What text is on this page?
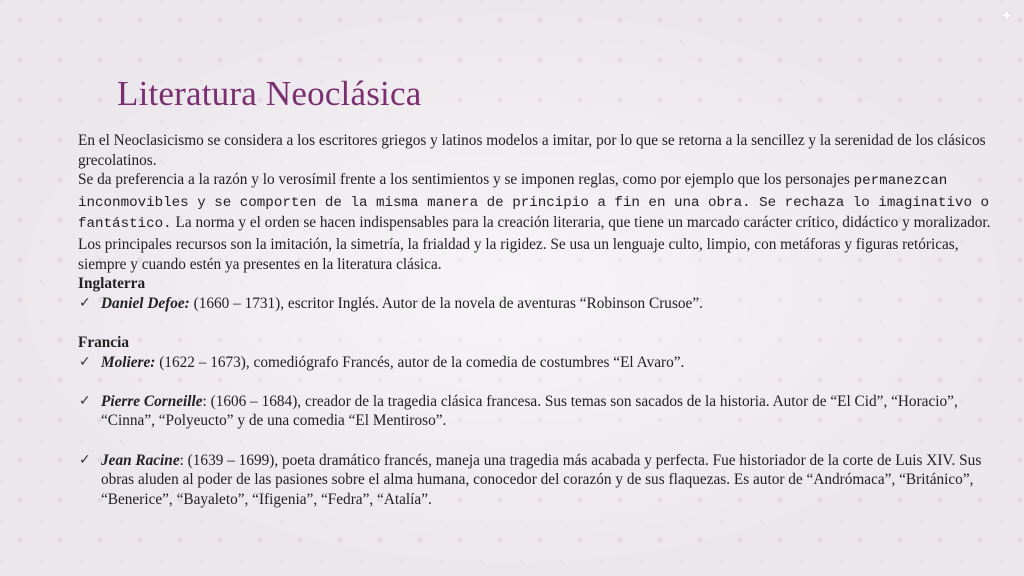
✦
Literatura Neoclásica

En el Neoclasicismo se considera a los escritores griegos y latinos modelos a imitar, por lo que se retorna a la sencillez y la serenidad de los clásicos grecolatinos.

Se da preferencia a la razón y lo verosímil frente a los sentimientos y se imponen reglas, como por ejemplo que los personajes permanezcan inconmovibles y se comporten de la misma manera de principio a fin en una obra. Se rechaza lo imaginativo o fantástico. La norma y el orden se hacen indispensables para la creación literaria, que tiene un marcado carácter crítico, didáctico y moralizador. Los principales recursos son la imitación, la simetría, la frialdad y la rigidez. Se usa un lenguaje culto, limpio, con metáforas y figuras retóricas, siempre y cuando estén ya presentes en la literatura clásica.

Inglaterra

✓ Daniel Defoe: (1660 – 1731), escritor Inglés. Autor de la novela de aventuras “Robinson Crusoe”.

Francia

✓ Moliere: (1622 – 1673), comediógrafo Francés, autor de la comedia de costumbres “El Avaro”.

✓ Pierre Corneille: (1606 – 1684), creador de la tragedia clásica francesa. Sus temas son sacados de la historia. Autor de “El Cid”, “Horacio”, “Cinna”, “Polyeucto” y de una comedia “El Mentiroso”.

✓ Jean Racine: (1639 – 1699), poeta dramático francés, maneja una tragedia más acabada y perfecta. Fue historiador de la corte de Luis XIV. Sus obras aluden al poder de las pasiones sobre el alma humana, conocedor del corazón y de sus flaquezas. Es autor de “Andrómaca”, “Británico”, “Benerice”, “Bayaleto”, “Ifigenia”, “Fedra”, “Atalía”.
